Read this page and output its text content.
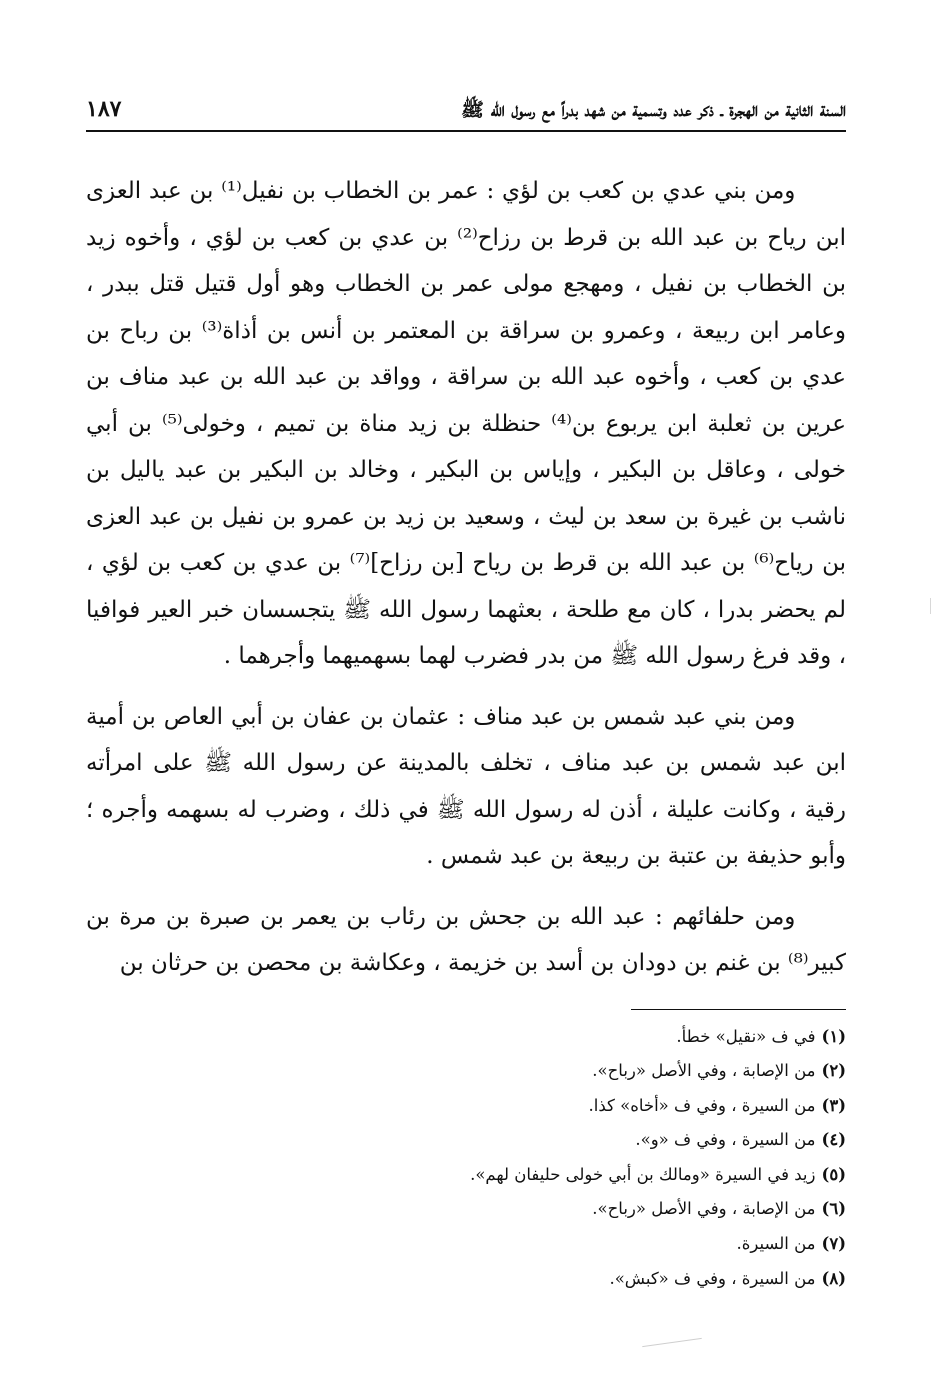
السنة الثانية من الهجرة ـ ذكر عدد وتسمية من شهد بدراً مع رسول الله ﷺ
١٨٧

ومن بني عدي بن كعب بن لؤي : عمر بن الخطاب بن نفيل⁽¹⁾ بن عبد العزى ابن رياح بن عبد الله بن قرط بن رزاح⁽²⁾ بن عدي بن كعب بن لؤي ، وأخوه زيد بن الخطاب بن نفيل ، ومهجع مولى عمر بن الخطاب وهو أول قتيل قتل ببدر ، وعامر ابن ربيعة ، وعمرو بن سراقة بن المعتمر بن أنس بن أذاة⁽³⁾ بن رباح بن عدي بن كعب ، وأخوه عبد الله بن سراقة ، وواقد بن عبد الله بن عبد مناف بن عرين بن ثعلبة ابن يربوع بن⁽⁴⁾ حنظلة بن زيد مناة بن تميم ، وخولى⁽⁵⁾ بن أبي خولى ، وعاقل بن البكير ، وإياس بن البكير ، وخالد بن البكير بن عبد ياليل بن ناشب بن غيرة بن سعد بن ليث ، وسعيد بن زيد بن عمرو بن نفيل بن عبد العزى بن رياح⁽⁶⁾ بن عبد الله بن قرط بن رياح [بن رزاح]⁽⁷⁾ بن عدي بن كعب بن لؤي ، لم يحضر بدرا ، كان مع طلحة ، بعثهما رسول الله ﷺ يتجسسان خبر العير فوافيا ، وقد فرغ رسول الله ﷺ من بدر فضرب لهما بسهميهما وأجرهما .

ومن بني عبد شمس بن عبد مناف : عثمان بن عفان بن أبي العاص بن أمية ابن عبد شمس بن عبد مناف ، تخلف بالمدينة عن رسول الله ﷺ على امرأته رقية ، وكانت عليلة ، أذن له رسول الله ﷺ في ذلك ، وضرب له بسهمه وأجره ؛ وأبو حذيفة بن عتبة بن ربيعة بن عبد شمس .

ومن حلفائهم : عبد الله بن جحش بن رئاب بن يعمر بن صبرة بن مرة بن كبير⁽⁸⁾ بن غنم بن دودان بن أسد بن خزيمة ، وعكاشة بن محصن بن حرثان بن

(١)في ف «نقيل» خطأ.
(٢)من الإصابة ، وفي الأصل «رباح».
(٣)من السيرة ، وفي ف «أخاه» كذا.
(٤)من السيرة ، وفي ف «و».
(٥)زيد في السيرة «ومالك بن أبي خولى حليفان لهم».
(٦)من الإصابة ، وفي الأصل «رباح».
(٧)من السيرة.
(٨)من السيرة ، وفي ف «كبش».
